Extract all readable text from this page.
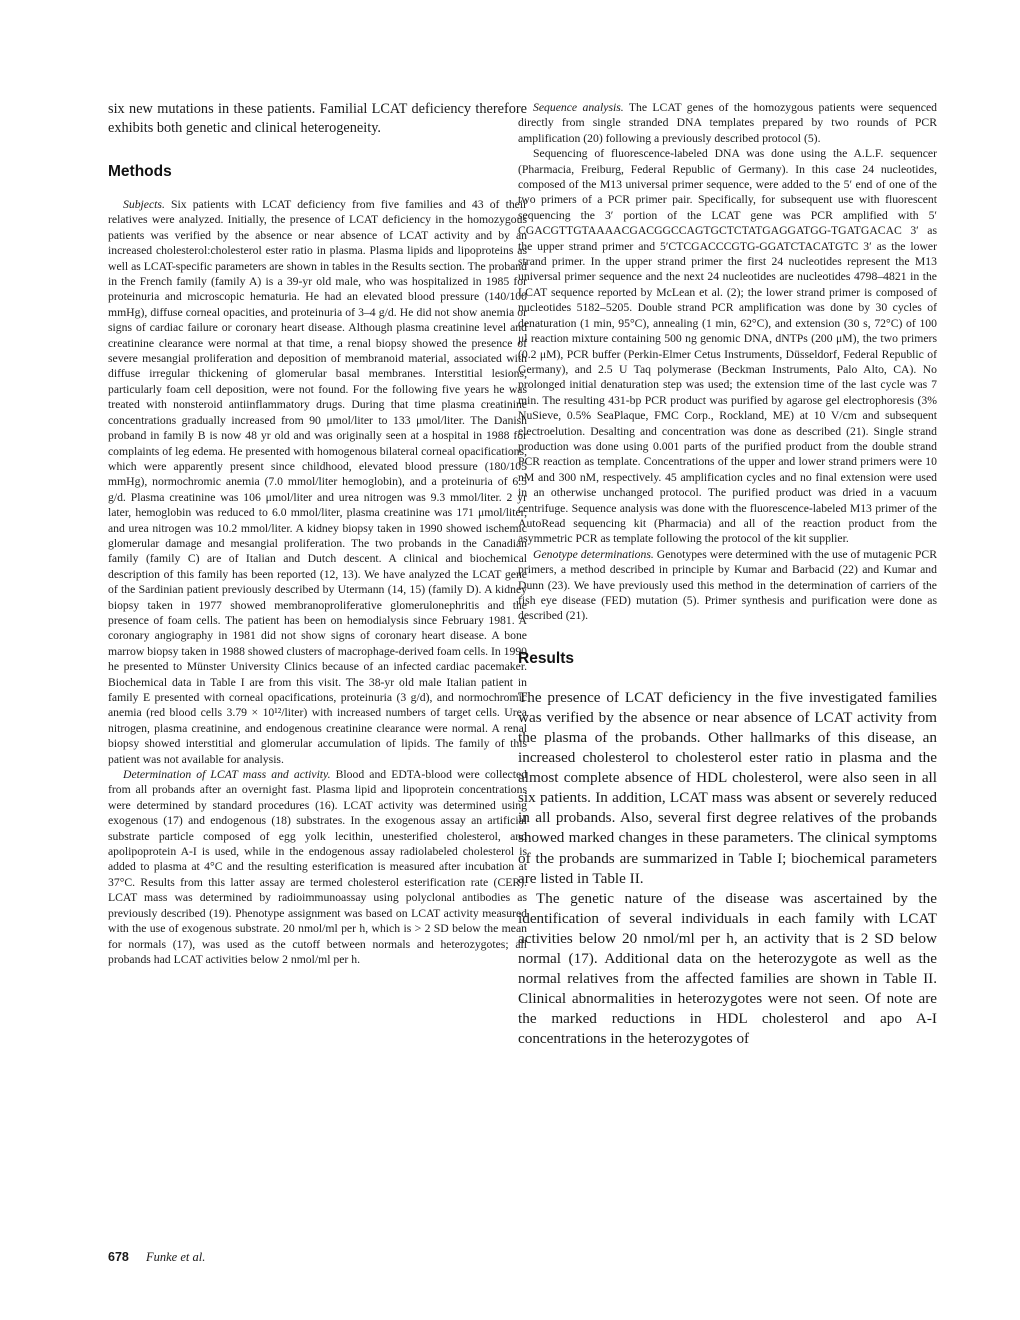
six new mutations in these patients. Familial LCAT deficiency therefore exhibits both genetic and clinical heterogeneity.

Methods

Subjects. Six patients with LCAT deficiency from five families and 43 of their relatives were analyzed. Initially, the presence of LCAT deficiency in the homozygous patients was verified by the absence or near absence of LCAT activity and by an increased cholesterol:cholesterol ester ratio in plasma. Plasma lipids and lipoproteins as well as LCAT-specific parameters are shown in tables in the Results section. The proband in the French family (family A) is a 39-yr old male, who was hospitalized in 1985 for proteinuria and microscopic hematuria. He had an elevated blood pressure (140/100 mmHg), diffuse corneal opacities, and proteinuria of 3–4 g/d. He did not show anemia or signs of cardiac failure or coronary heart disease. Although plasma creatinine level and creatinine clearance were normal at that time, a renal biopsy showed the presence of severe mesangial proliferation and deposition of membranoid material, associated with diffuse irregular thickening of glomerular basal membranes. Interstitial lesions, particularly foam cell deposition, were not found. For the following five years he was treated with nonsteroid antiinflammatory drugs. During that time plasma creatinine concentrations gradually increased from 90 μmol/liter to 133 μmol/liter. The Danish proband in family B is now 48 yr old and was originally seen at a hospital in 1988 for complaints of leg edema. He presented with homogenous bilateral corneal opacifications, which were apparently present since childhood, elevated blood pressure (180/105 mmHg), normochromic anemia (7.0 mmol/liter hemoglobin), and a proteinuria of 6.5 g/d. Plasma creatinine was 106 μmol/liter and urea nitrogen was 9.3 mmol/liter. 2 yr later, hemoglobin was reduced to 6.0 mmol/liter, plasma creatinine was 171 μmol/liter, and urea nitrogen was 10.2 mmol/liter. A kidney biopsy taken in 1990 showed ischemic glomerular damage and mesangial proliferation. The two probands in the Canadian family (family C) are of Italian and Dutch descent. A clinical and biochemical description of this family has been reported (12, 13). We have analyzed the LCAT gene of the Sardinian patient previously described by Utermann (14, 15) (family D). A kidney biopsy taken in 1977 showed membranoproliferative glomerulonephritis and the presence of foam cells. The patient has been on hemodialysis since February 1981. A coronary angiography in 1981 did not show signs of coronary heart disease. A bone marrow biopsy taken in 1988 showed clusters of macrophage-derived foam cells. In 1990 he presented to Münster University Clinics because of an infected cardiac pacemaker. Biochemical data in Table I are from this visit. The 38-yr old male Italian patient in family E presented with corneal opacifications, proteinuria (3 g/d), and normochromic anemia (red blood cells 3.79 × 10¹²/liter) with increased numbers of target cells. Urea nitrogen, plasma creatinine, and endogenous creatinine clearance were normal. A renal biopsy showed interstitial and glomerular accumulation of lipids. The family of this patient was not available for analysis.

Determination of LCAT mass and activity. Blood and EDTA-blood were collected from all probands after an overnight fast. Plasma lipid and lipoprotein concentrations were determined by standard procedures (16). LCAT activity was determined using exogenous (17) and endogenous (18) substrates. In the exogenous assay an artificial substrate particle composed of egg yolk lecithin, unesterified cholesterol, and apolipoprotein A-I is used, while in the endogenous assay radiolabeled cholesterol is added to plasma at 4°C and the resulting esterification is measured after incubation at 37°C. Results from this latter assay are termed cholesterol esterification rate (CER). LCAT mass was determined by radioimmunoassay using polyclonal antibodies as previously described (19). Phenotype assignment was based on LCAT activity measured with the use of exogenous substrate. 20 nmol/ml per h, which is > 2 SD below the mean for normals (17), was used as the cutoff between normals and heterozygotes; all probands had LCAT activities below 2 nmol/ml per h.

Sequence analysis. The LCAT genes of the homozygous patients were sequenced directly from single stranded DNA templates prepared by two rounds of PCR amplification (20) following a previously described protocol (5).

Sequencing of fluorescence-labeled DNA was done using the A.L.F. sequencer (Pharmacia, Freiburg, Federal Republic of Germany). In this case 24 nucleotides, composed of the M13 universal primer sequence, were added to the 5′ end of one of the two primers of a PCR primer pair. Specifically, for subsequent use with fluorescent sequencing the 3′ portion of the LCAT gene was PCR amplified with 5′ CGACGTTGTAAAACGACGGCCAGTGCTCTATGAGGATGG-TGATGACAC 3′ as the upper strand primer and 5′CTCGACCCGTG-GGATCTACATGTC 3′ as the lower strand primer. In the upper strand primer the first 24 nucleotides represent the M13 universal primer sequence and the next 24 nucleotides are nucleotides 4798–4821 in the LCAT sequence reported by McLean et al. (2); the lower strand primer is composed of nucleotides 5182–5205. Double strand PCR amplification was done by 30 cycles of denaturation (1 min, 95°C), annealing (1 min, 62°C), and extension (30 s, 72°C) of 100 μl reaction mixture containing 500 ng genomic DNA, dNTPs (200 μM), the two primers (0.2 μM), PCR buffer (Perkin-Elmer Cetus Instruments, Düsseldorf, Federal Republic of Germany), and 2.5 U Taq polymerase (Beckman Instruments, Palo Alto, CA). No prolonged initial denaturation step was used; the extension time of the last cycle was 7 min. The resulting 431-bp PCR product was purified by agarose gel electrophoresis (3% NuSieve, 0.5% SeaPlaque, FMC Corp., Rockland, ME) at 10 V/cm and subsequent electroelution. Desalting and concentration was done as described (21). Single strand production was done using 0.001 parts of the purified product from the double strand PCR reaction as template. Concentrations of the upper and lower strand primers were 10 nM and 300 nM, respectively. 45 amplification cycles and no final extension were used in an otherwise unchanged protocol. The purified product was dried in a vacuum centrifuge. Sequence analysis was done with the fluorescence-labeled M13 primer of the AutoRead sequencing kit (Pharmacia) and all of the reaction product from the asymmetric PCR as template following the protocol of the kit supplier.

Genotype determinations. Genotypes were determined with the use of mutagenic PCR primers, a method described in principle by Kumar and Barbacid (22) and Kumar and Dunn (23). We have previously used this method in the determination of carriers of the fish eye disease (FED) mutation (5). Primer synthesis and purification were done as described (21).

Results

The presence of LCAT deficiency in the five investigated families was verified by the absence or near absence of LCAT activity from the plasma of the probands. Other hallmarks of this disease, an increased cholesterol to cholesterol ester ratio in plasma and the almost complete absence of HDL cholesterol, were also seen in all six patients. In addition, LCAT mass was absent or severely reduced in all probands. Also, several first degree relatives of the probands showed marked changes in these parameters. The clinical symptoms of the probands are summarized in Table I; biochemical parameters are listed in Table II.

The genetic nature of the disease was ascertained by the identification of several individuals in each family with LCAT activities below 20 nmol/ml per h, an activity that is 2 SD below normal (17). Additional data on the heterozygote as well as the normal relatives from the affected families are shown in Table II. Clinical abnormalities in heterozygotes were not seen. Of note are the marked reductions in HDL cholesterol and apo A-I concentrations in the heterozygotes of

678 Funke et al.
